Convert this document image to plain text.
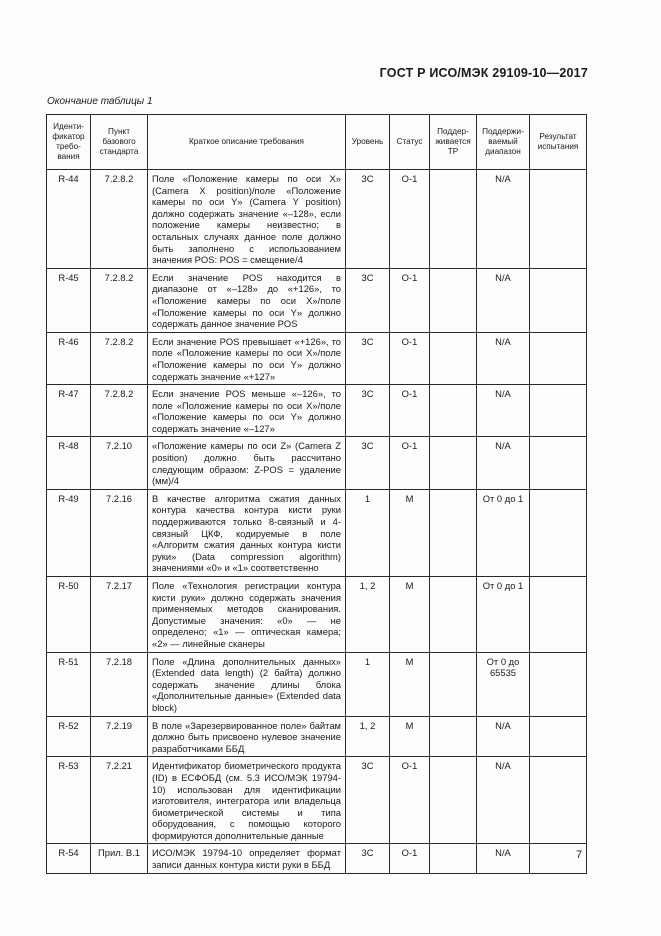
ГОСТ Р ИСО/МЭК 29109-10—2017
Окончание таблицы 1
Иденти-фикатор требо-вания	Пункт базового стандарта	Краткое описание требования	Уровень	Статус	Поддер-живается ТР	Поддержи-ваемый диапазон	Результат испытания
R-44	7.2.8.2	Поле «Положение камеры по оси X» (Camera X position)/поле «Положение камеры по оси Y» (Camera Y position) должно содержать значение «–128», если положение камеры неизвестно; в остальных случаях данное поле должно быть заполнено с использованием значения POS: POS = смещение/4	3C	O-1		N/A	
R-45	7.2.8.2	Если значение POS находится в диапазоне от «–128» до «+126», то «Положение камеры по оси X»/поле «Положение камеры по оси Y» должно содержать данное значение POS	3C	O-1		N/A	
R-46	7.2.8.2	Если значение POS превышает «+126», то поле «Положение камеры по оси X»/поле «Положение камеры по оси Y» должно содержать значение «+127»	3C	O-1		N/A	
R-47	7.2.8.2	Если значение POS меньше «–126», то поле «Положение камеры по оси X»/поле «Положение камеры по оси Y» должно содержать значение «–127»	3C	O-1		N/A	
R-48	7.2.10	«Положение камеры по оси Z» (Camera Z position) должно быть рассчитано следующим образом: Z-POS = удаление (мм)/4	3C	O-1		N/A	
R-49	7.2.16	В качестве алгоритма сжатия данных контура качества контура кисти руки поддерживаются только 8-связный и 4-связный ЦКФ, кодируемые в поле «Алгоритм сжатия данных контура кисти руки» (Data compression algorithm) значениями «0» и «1» соответственно	1	M		От 0 до 1	
R-50	7.2.17	Поле «Технология регистрации контура кисти руки» должно содержать значения применяемых методов сканирования. Допустимые значения: «0» — не определено; «1» — оптическая камера; «2» — линейные сканеры	1, 2	M		От 0 до 1	
R-51	7.2.18	Поле «Длина дополнительных данных» (Extended data length) (2 байта) должно содержать значение длины блока «Дополнительные данные» (Extended data block)	1	M		От 0 до 65535	
R-52	7.2.19	В поле «Зарезервированное поле» байтам должно быть присвоено нулевое значение разработчиками ББД	1, 2	M		N/A	
R-53	7.2.21	Идентификатор биометрического продукта (ID) в ЕСФОБД (см. 5.3 ИСО/МЭК 19794-10) использован для идентификации изготовителя, интегратора или владельца биометрической системы и типа оборудования, с помощью которого формируются дополнительные данные	3C	O-1		N/A	
R-54	Прил. B.1	ИСО/МЭК 19794-10 определяет формат записи данных контура кисти руки в ББД	3C	O-1		N/A		7
